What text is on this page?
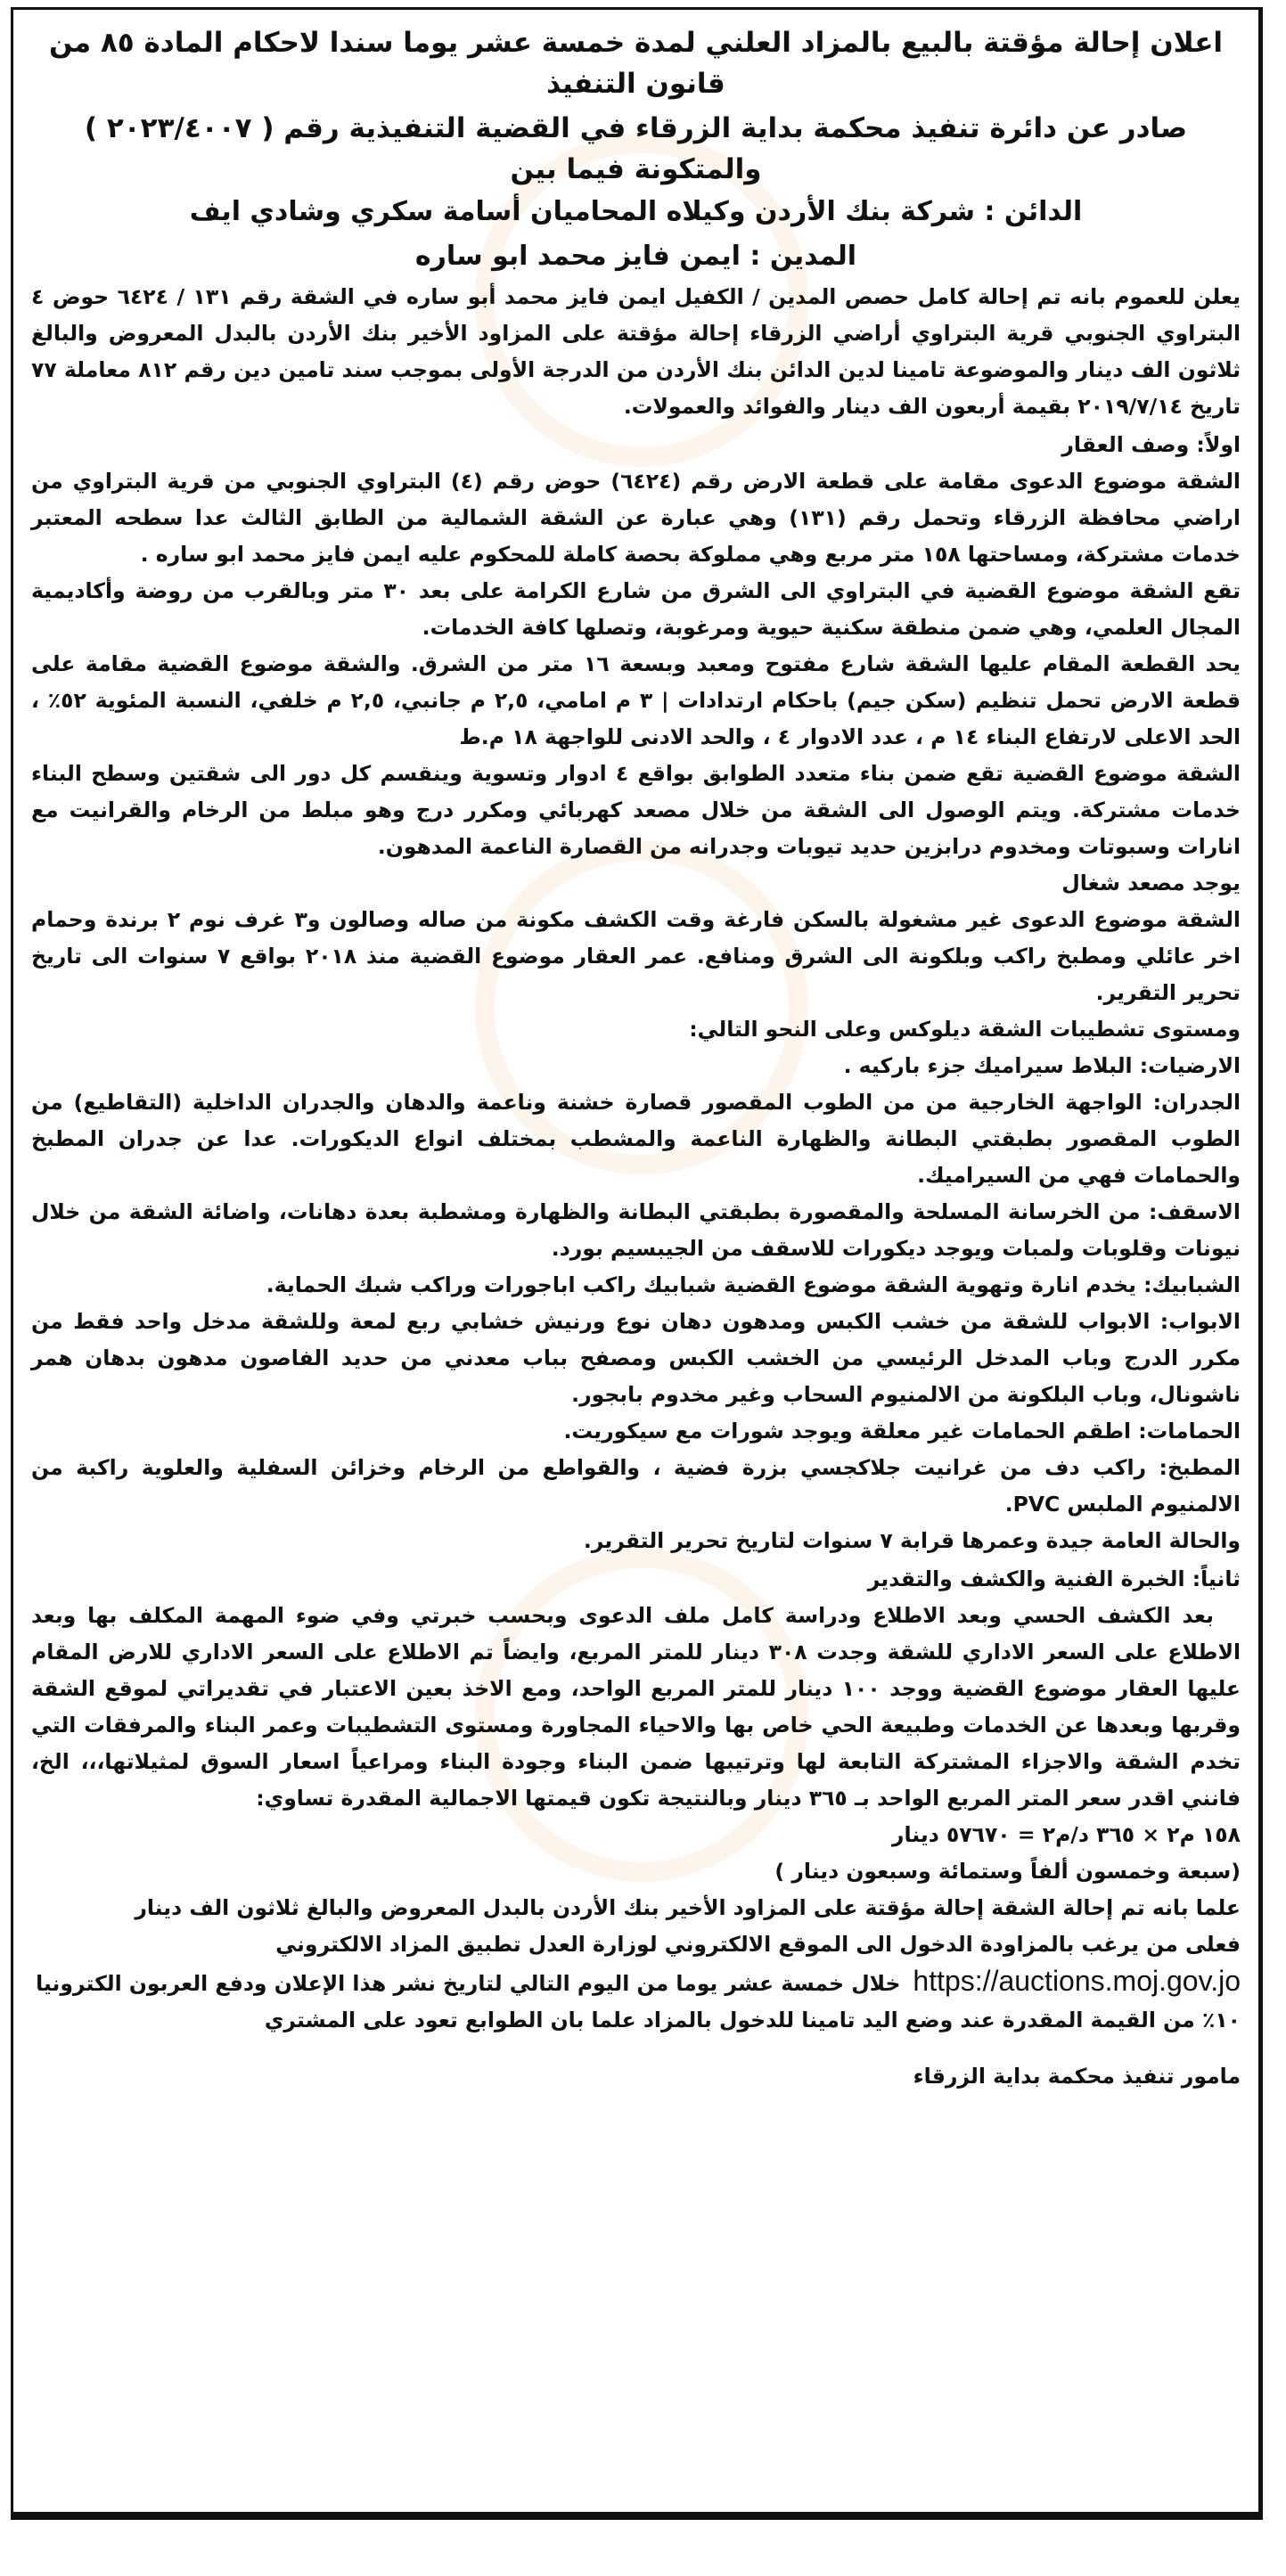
اعلان إحالة مؤقتة بالبيع بالمزاد العلني لمدة خمسة عشر يوما سندا لاحكام المادة ٨٥ من قانون التنفيذ

صادر عن دائرة تنفيذ محكمة بداية الزرقاء في القضية التنفيذية رقم ( ٢٠٢٣/٤٠٠٧ )

والمتكونة فيما بين

الدائن : شركة بنك الأردن وكيلاه المحاميان أسامة سكري وشادي ايف

المدين : ايمن فايز محمد ابو ساره

يعلن للعموم بانه تم إحالة كامل حصص المدين / الكفيل ايمن فايز محمد أبو ساره في الشقة رقم ١٣١ / ٦٤٢٤ حوض ٤ البتراوي الجنوبي قرية البتراوي أراضي الزرقاء إحالة مؤقتة على المزاود الأخير بنك الأردن بالبدل المعروض والبالغ ثلاثون الف دينار والموضوعة تامينا لدين الدائن بنك الأردن من الدرجة الأولى بموجب سند تامين دين رقم ٨١٢ معاملة ٧٧ تاريخ ٢٠١٩/٧/١٤ بقيمة أربعون الف دينار والفوائد والعمولات.

اولاً: وصف العقار

الشقة موضوع الدعوى مقامة على قطعة الارض رقم (٦٤٢٤) حوض رقم (٤) البتراوي الجنوبي من قرية البتراوي من اراضي محافظة الزرقاء وتحمل رقم (١٣١) وهي عبارة عن الشقة الشمالية من الطابق الثالث عدا سطحه المعتبر خدمات مشتركة، ومساحتها ١٥٨ متر مربع وهي مملوكة بحصة كاملة للمحكوم عليه ايمن فايز محمد ابو ساره .

تقع الشقة موضوع القضية في البتراوي الى الشرق من شارع الكرامة على بعد ٣٠ متر وبالقرب من روضة وأكاديمية المجال العلمي، وهي ضمن منطقة سكنية حيوية ومرغوبة، وتصلها كافة الخدمات.

يحد القطعة المقام عليها الشقة شارع مفتوح ومعبد وبسعة ١٦ متر من الشرق. والشقة موضوع القضية مقامة على قطعة الارض تحمل تنظيم (سكن جيم) باحكام ارتدادات | ٣ م امامي، ٢,٥ م جانبي، ٢,٥ م خلفي، النسبة المئوية ٥٢٪ ، الحد الاعلى لارتفاع البناء ١٤ م ، عدد الادوار ٤ ، والحد الادنى للواجهة ١٨ م.ط

الشقة موضوع القضية تقع ضمن بناء متعدد الطوابق بواقع ٤ ادوار وتسوية وينقسم كل دور الى شقتين وسطح البناء خدمات مشتركة. ويتم الوصول الى الشقة من خلال مصعد كهربائي ومكرر درج وهو مبلط من الرخام والقرانيت مع انارات وسبوتات ومخدوم درابزين حديد تيوبات وجدرانه من القصارة الناعمة المدهون.

يوجد مصعد شغال

الشقة موضوع الدعوى غير مشغولة بالسكن فارغة وقت الكشف مكونة من صاله وصالون و٣ غرف نوم ٢ برندة وحمام اخر عائلي ومطبخ راكب وبلكونة الى الشرق ومنافع. عمر العقار موضوع القضية منذ ٢٠١٨ بواقع ٧ سنوات الى تاريخ تحرير التقرير.

ومستوى تشطيبات الشقة ديلوكس وعلى النحو التالي:

الارضيات: البلاط سيراميك جزء باركيه .

الجدران: الواجهة الخارجية من من الطوب المقصور قصارة خشنة وناعمة والدهان والجدران الداخلية (التقاطيع) من الطوب المقصور بطبقتي البطانة والظهارة الناعمة والمشطب بمختلف انواع الديكورات. عدا عن جدران المطبخ والحمامات فهي من السيراميك.

الاسقف: من الخرسانة المسلحة والمقصورة بطبقتي البطانة والظهارة ومشطبة بعدة دهانات، واضائة الشقة من خلال نيونات وقلوبات ولمبات ويوجد ديكورات للاسقف من الجيبسيم بورد.

الشبابيك: يخدم انارة وتهوية الشقة موضوع القضية شبابيك راكب اباجورات وراكب شبك الحماية.

الابواب: الابواب للشقة من خشب الكبس ومدهون دهان نوع ورنيش خشابي ربع لمعة وللشقة مدخل واحد فقط من مكرر الدرج وباب المدخل الرئيسي من الخشب الكبس ومصفح بباب معدني من حديد الفاصون مدهون بدهان همر ناشونال، وباب البلكونة من الالمنيوم السحاب وغير مخدوم بابجور.

الحمامات: اطقم الحمامات غير معلقة ويوجد شورات مع سيكوريت.

المطبخ: راكب دف من غرانيت جلاكجسي بزرة فضية ، والقواطع من الرخام وخزائن السفلية والعلوية راكبة من الالمنيوم الملبس PVC.

والحالة العامة جيدة وعمرها قرابة ٧ سنوات لتاريخ تحرير التقرير.

ثانياً: الخبرة الفنية والكشف والتقدير

بعد الكشف الحسي وبعد الاطلاع ودراسة كامل ملف الدعوى وبحسب خبرتي وفي ضوء المهمة المكلف بها وبعد الاطلاع على السعر الاداري للشقة وجدت ٣٠٨ دينار للمتر المربع، وايضاً تم الاطلاع على السعر الاداري للارض المقام عليها العقار موضوع القضية ووجد ١٠٠ دينار للمتر المربع الواحد، ومع الاخذ بعين الاعتبار في تقديراتي لموقع الشقة وقربها وبعدها عن الخدمات وطبيعة الحي خاص بها والاحياء المجاورة ومستوى التشطيبات وعمر البناء والمرفقات التي تخدم الشقة والاجزاء المشتركة التابعة لها وترتيبها ضمن البناء وجودة البناء ومراعياً اسعار السوق لمثيلاتها،،، الخ، فانني اقدر سعر المتر المربع الواحد بـ ٣٦٥ دينار وبالنتيجة تكون قيمتها الاجمالية المقدرة تساوي:

١٥٨ م٢ × ٣٦٥ د/م٢ = ٥٧٦٧٠ دينار

(سبعة وخمسون ألفاً وستمائة وسبعون دينار )

علما بانه تم إحالة الشقة إحالة مؤقتة على المزاود الأخير بنك الأردن بالبدل المعروض والبالغ ثلاثون الف دينار

فعلى من يرغب بالمزاودة الدخول الى الموقع الالكتروني لوزارة العدل تطبيق المزاد الالكتروني

https://auctions.moj.gov.joخلال خمسة عشر يوما من اليوم التالي لتاريخ نشر هذا الإعلان ودفع العربون الكترونيا

١٠٪ من القيمة المقدرة عند وضع اليد تامينا للدخول بالمزاد علما بان الطوابع تعود على المشتري

مامور تنفيذ محكمة بداية الزرقاء
